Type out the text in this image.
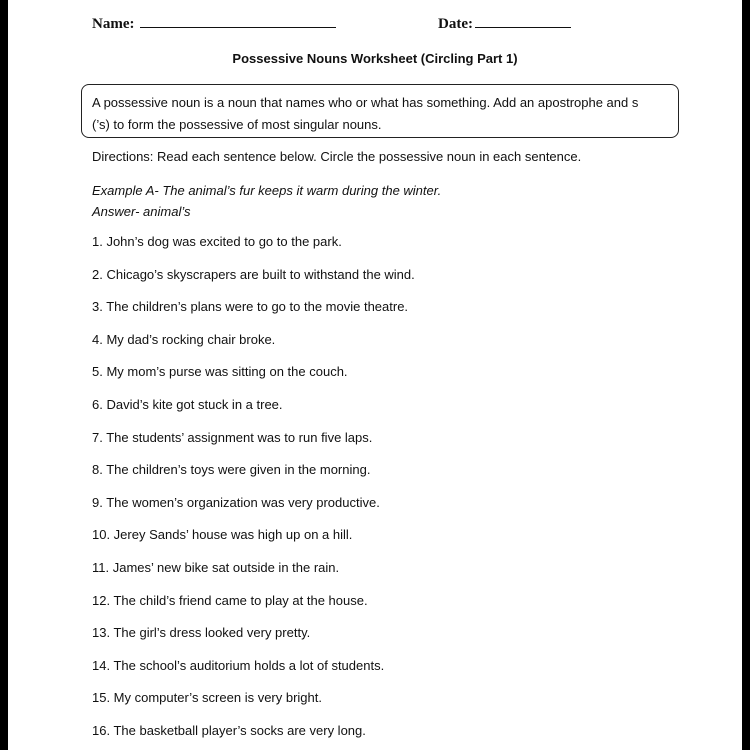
Name:	Date:
Possessive Nouns Worksheet (Circling Part 1)
A possessive noun is a noun that names who or what has something. Add an apostrophe and s
(’s) to form the possessive of most singular nouns.
Directions: Read each sentence below. Circle the possessive noun in each sentence.
Example A- The animal’s fur keeps it warm during the winter.
Answer- animal’s
1. John’s dog was excited to go to the park.
2. Chicago’s skyscrapers are built to withstand the wind.
3. The children’s plans were to go to the movie theatre.
4. My dad’s rocking chair broke.
5. My mom’s purse was sitting on the couch.
6. David’s kite got stuck in a tree.
7. The students’ assignment was to run five laps.
8. The children’s toys were given in the morning.
9. The women’s organization was very productive.
10. Jerey Sands’ house was high up on a hill.
11. James’ new bike sat outside in the rain.
12. The child’s friend came to play at the house.
13. The girl’s dress looked very pretty.
14. The school’s auditorium holds a lot of students.
15. My computer’s screen is very bright.
16. The basketball player’s socks are very long.
